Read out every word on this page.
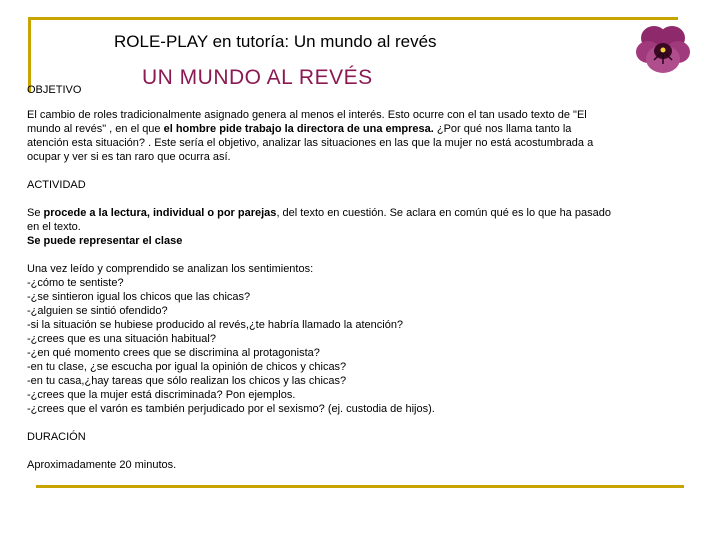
ROLE-PLAY en tutoría: Un mundo al revés
UN MUNDO AL REVÉS
OBJETIVO

El cambio de roles tradicionalmente asignado genera al menos el interés. Esto ocurre con el tan usado texto de "El mundo al revés" , en el que el hombre pide trabajo la directora de una empresa. ¿Por qué nos llama tanto la atención esta situación? . Este sería el objetivo, analizar las situaciones en las que la mujer no está acostumbrada a ocupar y ver si es tan raro que ocurra así.

ACTIVIDAD

Se procede a la lectura, individual o por parejas, del texto en cuestión. Se aclara en común qué es lo que ha pasado en el texto.

Se puede representar el clase

Una vez leído y comprendido se analizan los sentimientos:

-¿cómo te sentiste?

-¿se sintieron igual los chicos que las chicas?

-¿alguien se sintió ofendido?

-si la situación se hubiese producido al revés,¿te habría llamado la atención?

-¿crees que es una situación habitual?

-¿en qué momento crees que se discrimina al protagonista?

-en tu clase, ¿se escucha por igual la opinión de chicos y chicas?

-en tu casa,¿hay tareas que sólo realizan los chicos y las chicas?

-¿crees que la mujer está discriminada? Pon ejemplos.

-¿crees que el varón es también perjudicado por el sexismo? (ej. custodia de hijos).

DURACIÓN

Aproximadamente 20 minutos.
